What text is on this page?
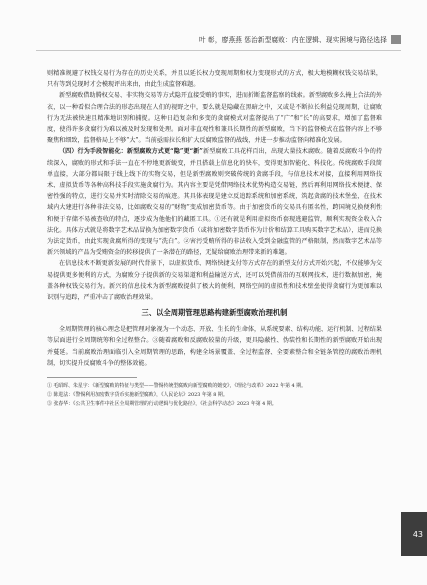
叶 彰，廖燕燕 惩治新型腐败：内在逻辑、现实困境与路径选择

则精准规避了权钱交易行为存在的历史关系，并且以延长权力变现周期和权力变现形式的方式，极大地模糊权钱交易结果，只有等到兑现时才会模现评出来由，由此生成监督难题。

新型腐败借助腾权交易、非实物交易等方式隐开直接受贿的事实，进而折断监督监察的线索。新型腐败多么掩上合法的外衣，以一种看似合理合法的形态出现在人们的视野之中，要么就是隐藏在黑暗之中，又或是不断拉长利益兑现周期，让腐败行为无法被快速且精准地识别和捕捉。这种日趋复杂和多变的贪腐模式对监督提出了“广”和“长”的高要求，增加了监督难度，使得许多贪腐行为难以被及时发现和处理。面对非直观性和兼具长期性的新型腐败，当下的监督模式在监督内容上不够聚焦和细致，监督格局上不够“大”。当前亟需拉长和扩大反腐败监督的战线，并进一步推动监督向精准化发展。

（四）行为手段智能化：新型腐败方式更“隐”更“新”新型腐败工具花样百出，出现大量技术腐败。随着反腐败斗争的持续深入，腐败的形式和手法一直在不停地更新蜕变，并且搭载上信息化的快车，变得更加智能化、科技化。传统腐败手段简单直接，大部分都局限于线上线下的实物交易，但是新型腐败则突破传统的贪腐手段，与信息技术对接，直接利用网络技术、虚拟货币等各种高科技手段实施贪腐行为。其内容主要是凭借网络技术优势构造交易链，然后再利用网络技术便捷、保密性强的特点，进行交易并实时清除交易的痕迹。其具体表现是建立反追踪系统和加密系统，筑起贪腐的技术堡垒，在技术域内大建进行各种非法交易，比如腐败交易的“财物”变成加密货币等。由于加密货币的交易具有匿名性，跨国境兑换便利性和便于存储不易被查收的特点，逐步成为他他们的藏匿工具。①还有就是利用虚拟资币套现逃避监管，顺利实现资金收入合法化。具体方式就是将数字艺术品冒换为加密数字货币（或将加密数字货币作为计价和结算工具购买数字艺术品），进而兑换为法定货币，由此实现贪腐所得的变现与“洗白”。②害污受贿所得的非法收入受到金融监管的严格限制，然而数字艺术品等新兴领域的产品为受贿资金的转移提供了一条潜在的路径，无疑给腐败治理带来新的难题。

在信息技术不断更新发展的时代背景下，以虚拟货币、网络快捷支付等方式存在的新型支付方式开始兴起，不仅能够为交易提供更多便利的方式，为腐败分子提供新的交易渠道和利益输送方式，还可以凭借前沿的互联网技术，进行数据加密，掩盖各种权钱交易行为。新兴的信息技术为新型腐败提供了极大的便利，网络空间的虚拟性和技术壁垒使得贪腐行为更加难以识别与追踪，严重冲击了腐败治理效果。

三、以全周期管理思路构建新型腐败治理机制

全周期管理的核心理念是把管理对象视为一个动态、开放、生长的生命体，从系统要素、结构功能、运行机制、过程结果等层面进行全周期统筹和全过程整合。③随着腐败和反腐败较量的升级，更具隐蔽性、伪装性和长期性的新型腐败开始出现并蔓延。当前腐败治理面临引入全周期管理的思路，构建全场景覆盖、全过程监督、全要素整合和全链条管控的腐败治理机制，切实提升反腐败斗争的整体效能。

① 毛昭晖、朱星宇：《新型腐败的特征与类型——警惕传统型腐败向新型腐败的嬗变》，《理论与改革》2022 年第 4 期。

② 陈进法：《警惕利用加密数字货币实施新型腐败》，《人民论坛》2023 年第 8 期。

③ 张春华：《公共卫生事件中社区全周期管理的行动逻辑与优化路径》，《社会科学动态》2023 年第 4 期。

43
